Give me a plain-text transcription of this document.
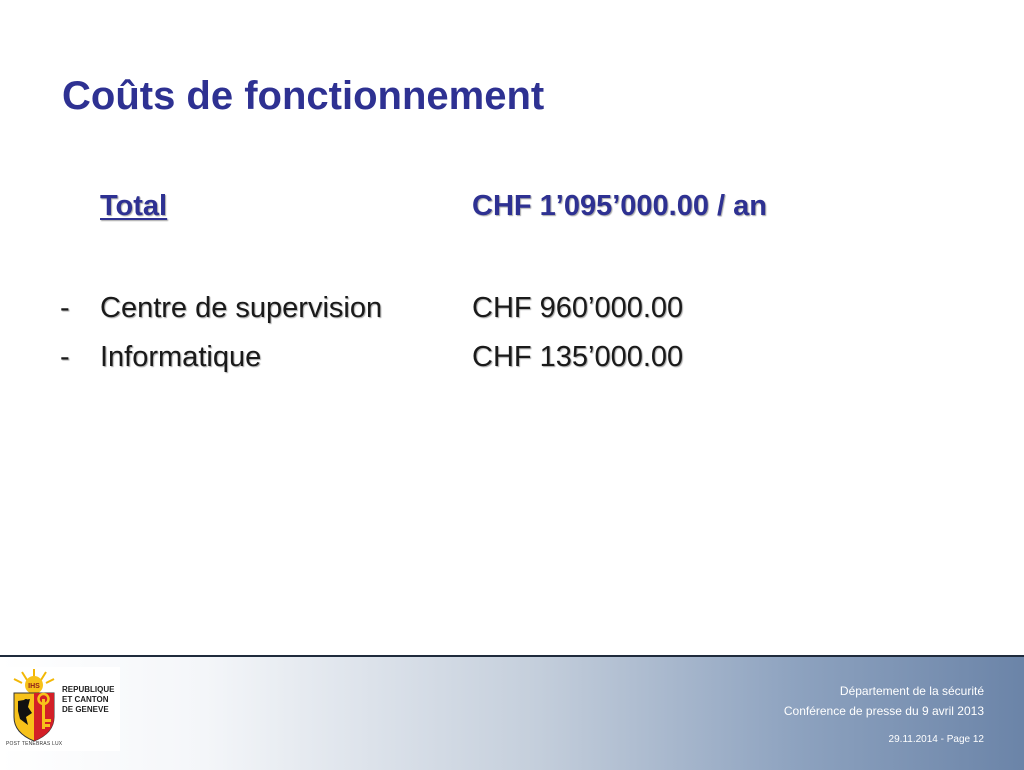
Coûts de fonctionnement
Total	CHF 1’095’000.00 / an
- Centre de supervision	CHF 960’000.00
- Informatique	CHF 135’000.00
IHS	REPUBLIQUE
ET CANTON
DE GENEVE
POST TENEBRAS LUX
Département de la sécurité
Conférence de presse du 9 avril 2013
29.11.2014 - Page 12
